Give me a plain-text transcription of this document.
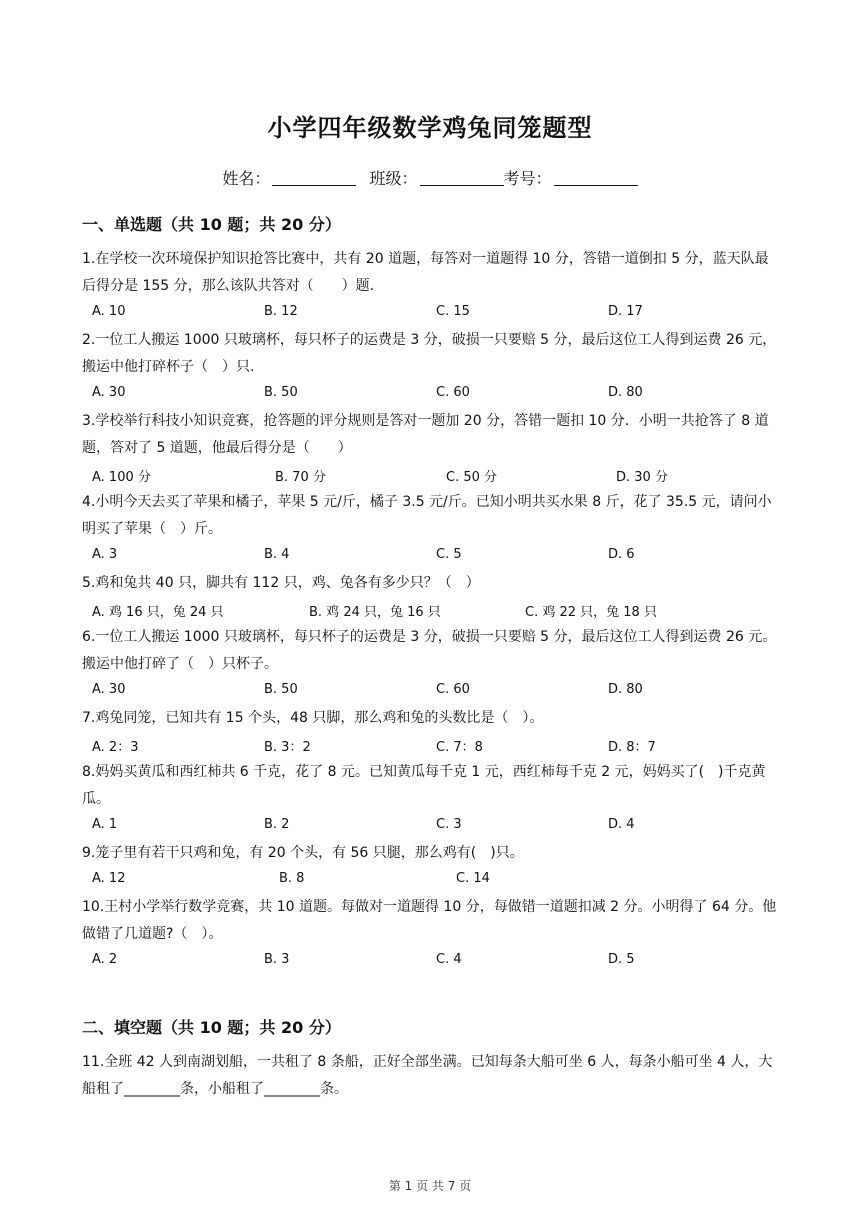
小学四年级数学鸡兔同笼题型
姓名：	班级：	考号：
一、单选题（共 10 题；共 20 分）
1.在学校一次环境保护知识抢答比赛中，共有 20 道题，每答对一道题得 10 分，答错一道倒扣 5 分，蓝天队最后得分是 155 分，那么该队共答对（　　）题.
A. 10	B. 12	C. 15	D. 17
2.一位工人搬运 1000 只玻璃杯，每只杯子的运费是 3 分，破损一只要赔 5 分，最后这位工人得到运费 26 元，搬运中他打碎杯子（　）只.
A. 30	B. 50	C. 60	D. 80
3.学校举行科技小知识竞赛，抢答题的评分规则是答对一题加 20 分，答错一题扣 10 分．小明一共抢答了 8 道题，答对了 5 道题，他最后得分是（　　）
A. 100 分	B. 70 分	C. 50 分	D. 30 分
4.小明今天去买了苹果和橘子，苹果 5 元/斤，橘子 3.5 元/斤。已知小明共买水果 8 斤，花了 35.5 元，请问小明买了苹果（　）斤。
A. 3	B. 4	C. 5	D. 6
5.鸡和兔共 40 只，脚共有 112 只，鸡、兔各有多少只？（　）
A. 鸡 16 只，兔 24 只	B. 鸡 24 只，兔 16 只	C. 鸡 22 只，兔 18 只
6.一位工人搬运 1000 只玻璃杯，每只杯子的运费是 3 分，破损一只要赔 5 分，最后这位工人得到运费 26 元。搬运中他打碎了（　）只杯子。
A. 30	B. 50	C. 60	D. 80
7.鸡兔同笼，已知共有 15 个头，48 只脚，那么鸡和兔的头数比是（　）。
A. 2：3	B. 3：2	C. 7：8	D. 8：7
8.妈妈买黄瓜和西红柿共 6 千克，花了 8 元。已知黄瓜每千克 1 元，西红柿每千克 2 元，妈妈买了(　)千克黄瓜。
A. 1	B. 2	C. 3	D. 4
9.笼子里有若干只鸡和兔，有 20 个头，有 56 只腿，那么鸡有(　)只。
A. 12	B. 8	C. 14
10.王村小学举行数学竞赛，共 10 道题。每做对一道题得 10 分，每做错一道题扣减 2 分。小明得了 64 分。他做错了几道题?（　）。
A. 2	B. 3	C. 4	D. 5
二、填空题（共 10 题；共 20 分）
11.全班 42 人到南湖划船，一共租了 8 条船，正好全部坐满。已知每条大船可坐 6 人，每条小船可坐 4 人，大船租了________条，小船租了________条。
第 1 页 共 7 页
